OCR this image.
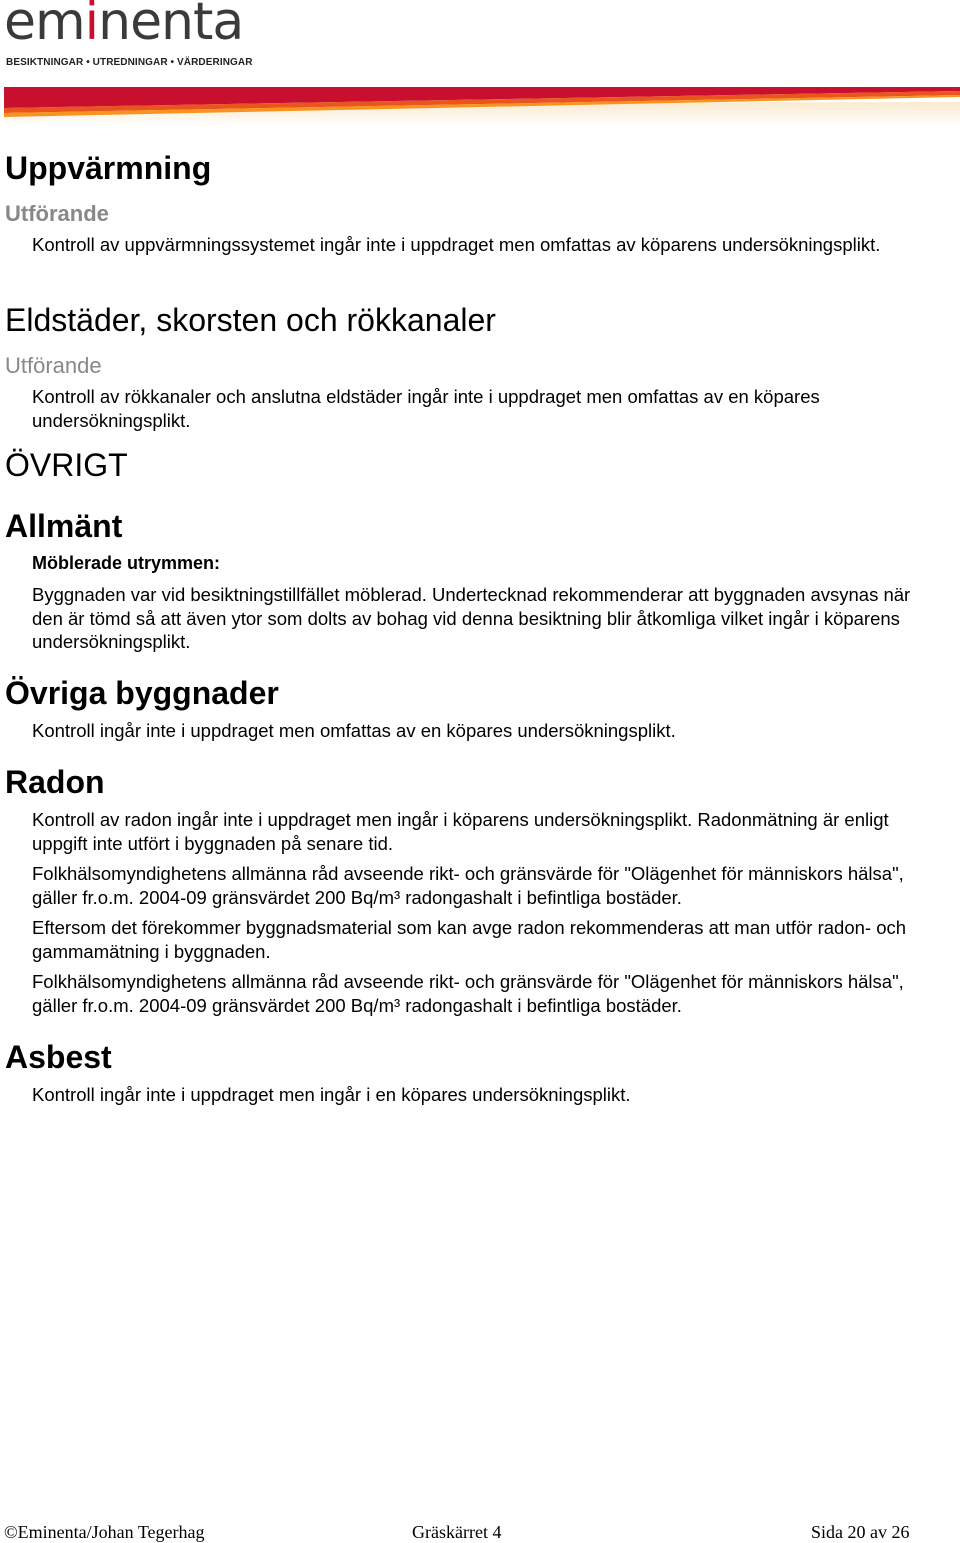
eminenta
BESIKTNINGAR • UTREDNINGAR • VÄRDERINGAR
Uppvärmning
Utförande

Kontroll av uppvärmningssystemet ingår inte i uppdraget men omfattas av köparens undersökningsplikt.

Eldstäder, skorsten och rökkanaler
Utförande

Kontroll av rökkanaler och anslutna eldstäder ingår inte i uppdraget men omfattas av en köpares undersökningsplikt.

ÖVRIGT
Allmänt
Möblerade utrymmen:

Byggnaden var vid besiktningstillfället möblerad. Undertecknad rekommenderar att byggnaden avsynas när den är tömd så att även ytor som dolts av bohag vid denna besiktning blir åtkomliga vilket ingår i köparens undersökningsplikt.

Övriga byggnader

Kontroll ingår inte i uppdraget men omfattas av en köpares undersökningsplikt.

Radon

Kontroll av radon ingår inte i uppdraget men ingår i köparens undersökningsplikt. Radonmätning är enligt uppgift inte utfört i byggnaden på senare tid.

Folkhälsomyndighetens allmänna råd avseende rikt- och gränsvärde för "Olägenhet för människors hälsa", gäller fr.o.m. 2004-09 gränsvärdet 200 Bq/m³ radongashalt i befintliga bostäder.

Eftersom det förekommer byggnadsmaterial som kan avge radon rekommenderas att man utför radon- och gammamätning i byggnaden.

Folkhälsomyndighetens allmänna råd avseende rikt- och gränsvärde för "Olägenhet för människors hälsa", gäller fr.o.m. 2004-09 gränsvärdet 200 Bq/m³ radongashalt i befintliga bostäder.

Asbest

Kontroll ingår inte i uppdraget men ingår i en köpares undersökningsplikt.

©Eminenta/Johan Tegerhag	Gräskärret 4	Sida 20 av 26
